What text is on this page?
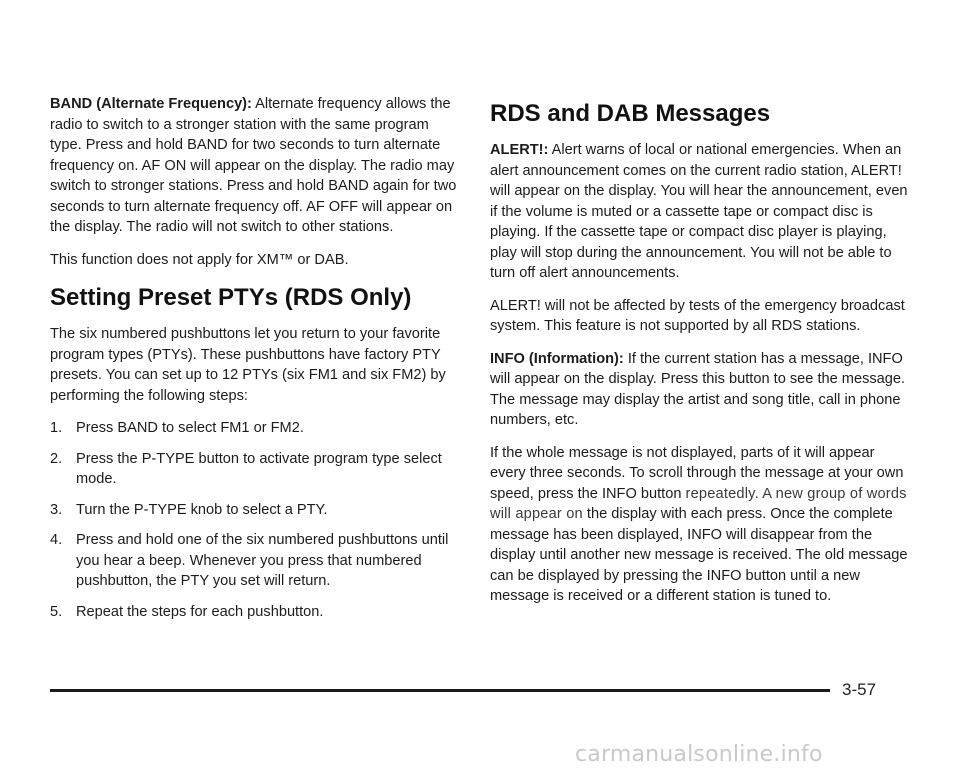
BAND (Alternate Frequency): Alternate frequency allows the radio to switch to a stronger station with the same program type. Press and hold BAND for two seconds to turn alternate frequency on. AF ON will appear on the display. The radio may switch to stronger stations. Press and hold BAND again for two seconds to turn alternate frequency off. AF OFF will appear on the display. The radio will not switch to other stations.

This function does not apply for XM™ or DAB.

Setting Preset PTYs (RDS Only)

The six numbered pushbuttons let you return to your favorite program types (PTYs). These pushbuttons have factory PTY presets. You can set up to 12 PTYs (six FM1 and six FM2) by performing the following steps:

1. Press BAND to select FM1 or FM2.
2. Press the P-TYPE button to activate program type select mode.
3. Turn the P-TYPE knob to select a PTY.
4. Press and hold one of the six numbered pushbuttons until you hear a beep. Whenever you press that numbered pushbutton, the PTY you set will return.
5. Repeat the steps for each pushbutton.
RDS and DAB Messages

ALERT!: Alert warns of local or national emergencies. When an alert announcement comes on the current radio station, ALERT! will appear on the display. You will hear the announcement, even if the volume is muted or a cassette tape or compact disc is playing. If the cassette tape or compact disc player is playing, play will stop during the announcement. You will not be able to turn off alert announcements.

ALERT! will not be affected by tests of the emergency broadcast system. This feature is not supported by all RDS stations.

INFO (Information): If the current station has a message, INFO will appear on the display. Press this button to see the message. The message may display the artist and song title, call in phone numbers, etc.

If the whole message is not displayed, parts of it will appear every three seconds. To scroll through the message at your own speed, press the INFO button repeatedly. A new group of words will appear on the display with each press. Once the complete message has been displayed, INFO will disappear from the display until another new message is received. The old message can be displayed by pressing the INFO button until a new message is received or a different station is tuned to.

3-57
carmanualsonline.info
